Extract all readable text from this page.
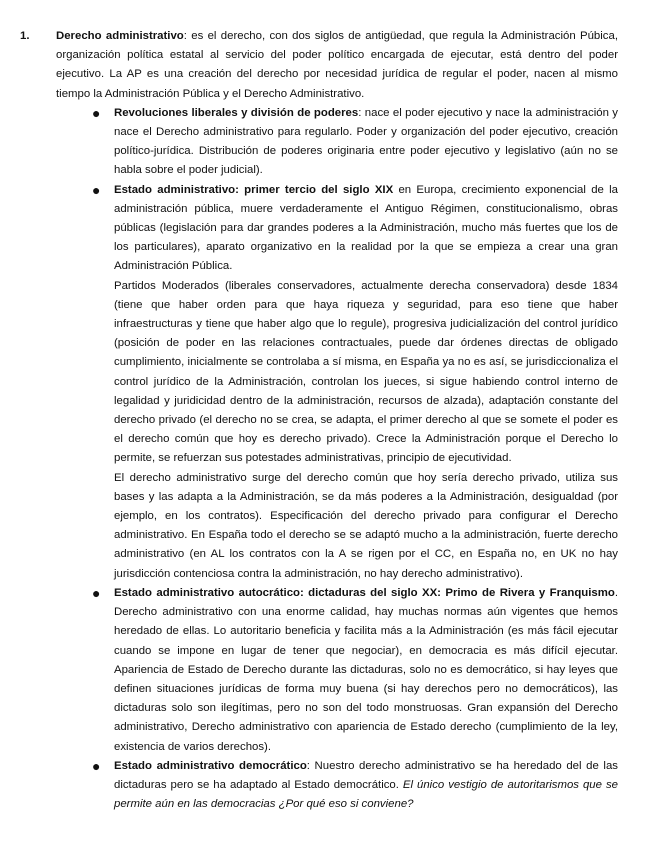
1. Derecho administrativo: es el derecho, con dos siglos de antigüedad, que regula la Administración Púbica, organización política estatal al servicio del poder político encargada de ejecutar, está dentro del poder ejecutivo. La AP es una creación del derecho por necesidad jurídica de regular el poder, nacen al mismo tiempo la Administración Pública y el Derecho Administrativo.

● Revoluciones liberales y división de poderes: nace el poder ejecutivo y nace la administración y nace el Derecho administrativo para regularlo. Poder y organización del poder ejecutivo, creación político-jurídica. Distribución de poderes originaria entre poder ejecutivo y legislativo (aún no se habla sobre el poder judicial).

● Estado administrativo: primer tercio del siglo XIX en Europa, crecimiento exponencial de la administración pública, muere verdaderamente el Antiguo Régimen, constitucionalismo, obras públicas (legislación para dar grandes poderes a la Administración, mucho más fuertes que los de los particulares), aparato organizativo en la realidad por la que se empieza a crear una gran Administración Pública.

Partidos Moderados (liberales conservadores, actualmente derecha conservadora) desde 1834 (tiene que haber orden para que haya riqueza y seguridad, para eso tiene que haber infraestructuras y tiene que haber algo que lo regule), progresiva judicialización del control jurídico (posición de poder en las relaciones contractuales, puede dar órdenes directas de obligado cumplimiento, inicialmente se controlaba a sí misma, en España ya no es así, se jurisdiccionaliza el control jurídico de la Administración, controlan los jueces, si sigue habiendo control interno de legalidad y juridicidad dentro de la administración, recursos de alzada), adaptación constante del derecho privado (el derecho no se crea, se adapta, el primer derecho al que se somete el poder es el derecho común que hoy es derecho privado). Crece la Administración porque el Derecho lo permite, se refuerzan sus potestades administrativas, principio de ejecutividad.

El derecho administrativo surge del derecho común que hoy sería derecho privado, utiliza sus bases y las adapta a la Administración, se da más poderes a la Administración, desigualdad (por ejemplo, en los contratos). Especificación del derecho privado para configurar el Derecho administrativo. En España todo el derecho se se adaptó mucho a la administración, fuerte derecho administrativo (en AL los contratos con la A se rigen por el CC, en España no, en UK no hay jurisdicción contenciosa contra la administración, no hay derecho administrativo).

● Estado administrativo autocrático: dictaduras del siglo XX: Primo de Rivera y Franquismo. Derecho administrativo con una enorme calidad, hay muchas normas aún vigentes que hemos heredado de ellas. Lo autoritario beneficia y facilita más a la Administración (es más fácil ejecutar cuando se impone en lugar de tener que negociar), en democracia es más difícil ejecutar. Apariencia de Estado de Derecho durante las dictaduras, solo no es democrático, si hay leyes que definen situaciones jurídicas de forma muy buena (si hay derechos pero no democráticos), las dictaduras solo son ilegítimas, pero no son del todo monstruosas. Gran expansión del Derecho administrativo, Derecho administrativo con apariencia de Estado derecho (cumplimiento de la ley, existencia de varios derechos).

● Estado administrativo democrático: Nuestro derecho administrativo se ha heredado del de las dictaduras pero se ha adaptado al Estado democrático. El único vestigio de autoritarismos que se permite aún en las democracias ¿Por qué eso si conviene?
